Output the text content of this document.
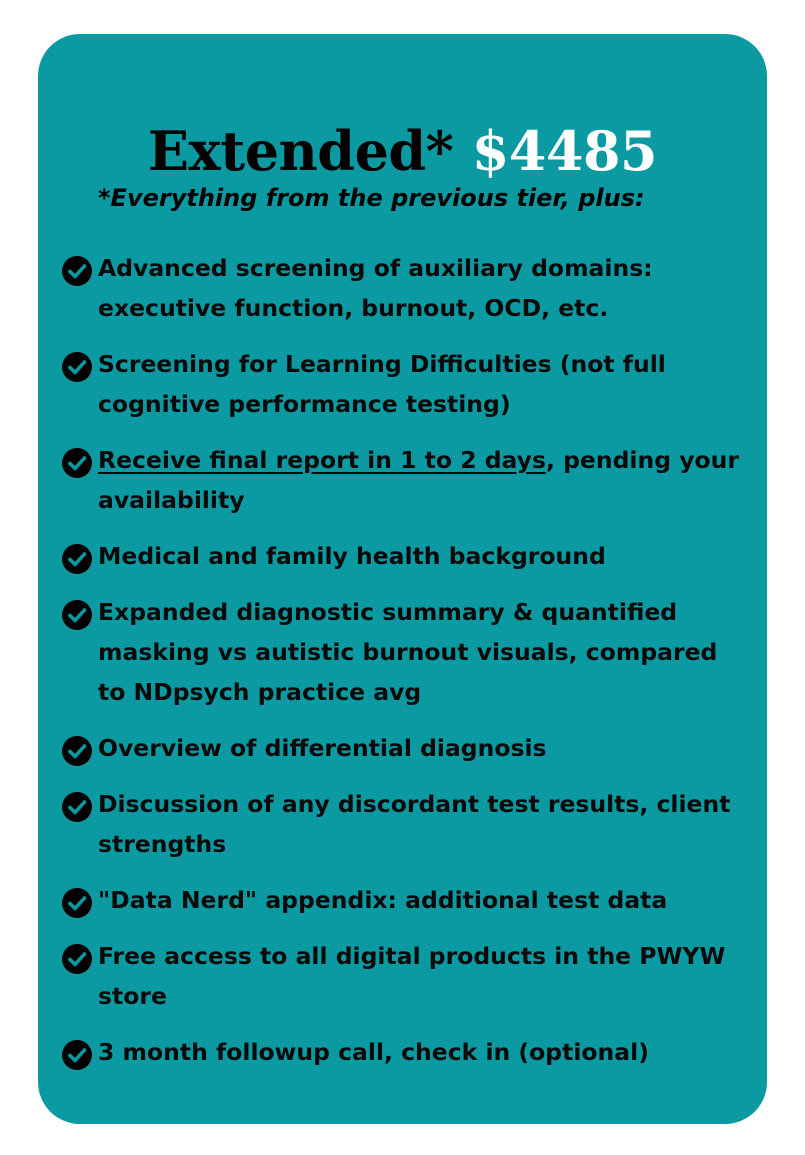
Extended* $4485
*Everything from the previous tier, plus:
Advanced screening of auxiliary domains: executive function, burnout, OCD, etc.
Screening for Learning Difficulties (not full cognitive performance testing)
Receive final report in 1 to 2 days, pending your availability
Medical and family health background
Expanded diagnostic summary & quantified masking vs autistic burnout visuals, compared to NDpsych practice avg
Overview of differential diagnosis
Discussion of any discordant test results, client strengths
"Data Nerd" appendix: additional test data
Free access to all digital products in the PWYW store
3 month followup call, check in (optional)
